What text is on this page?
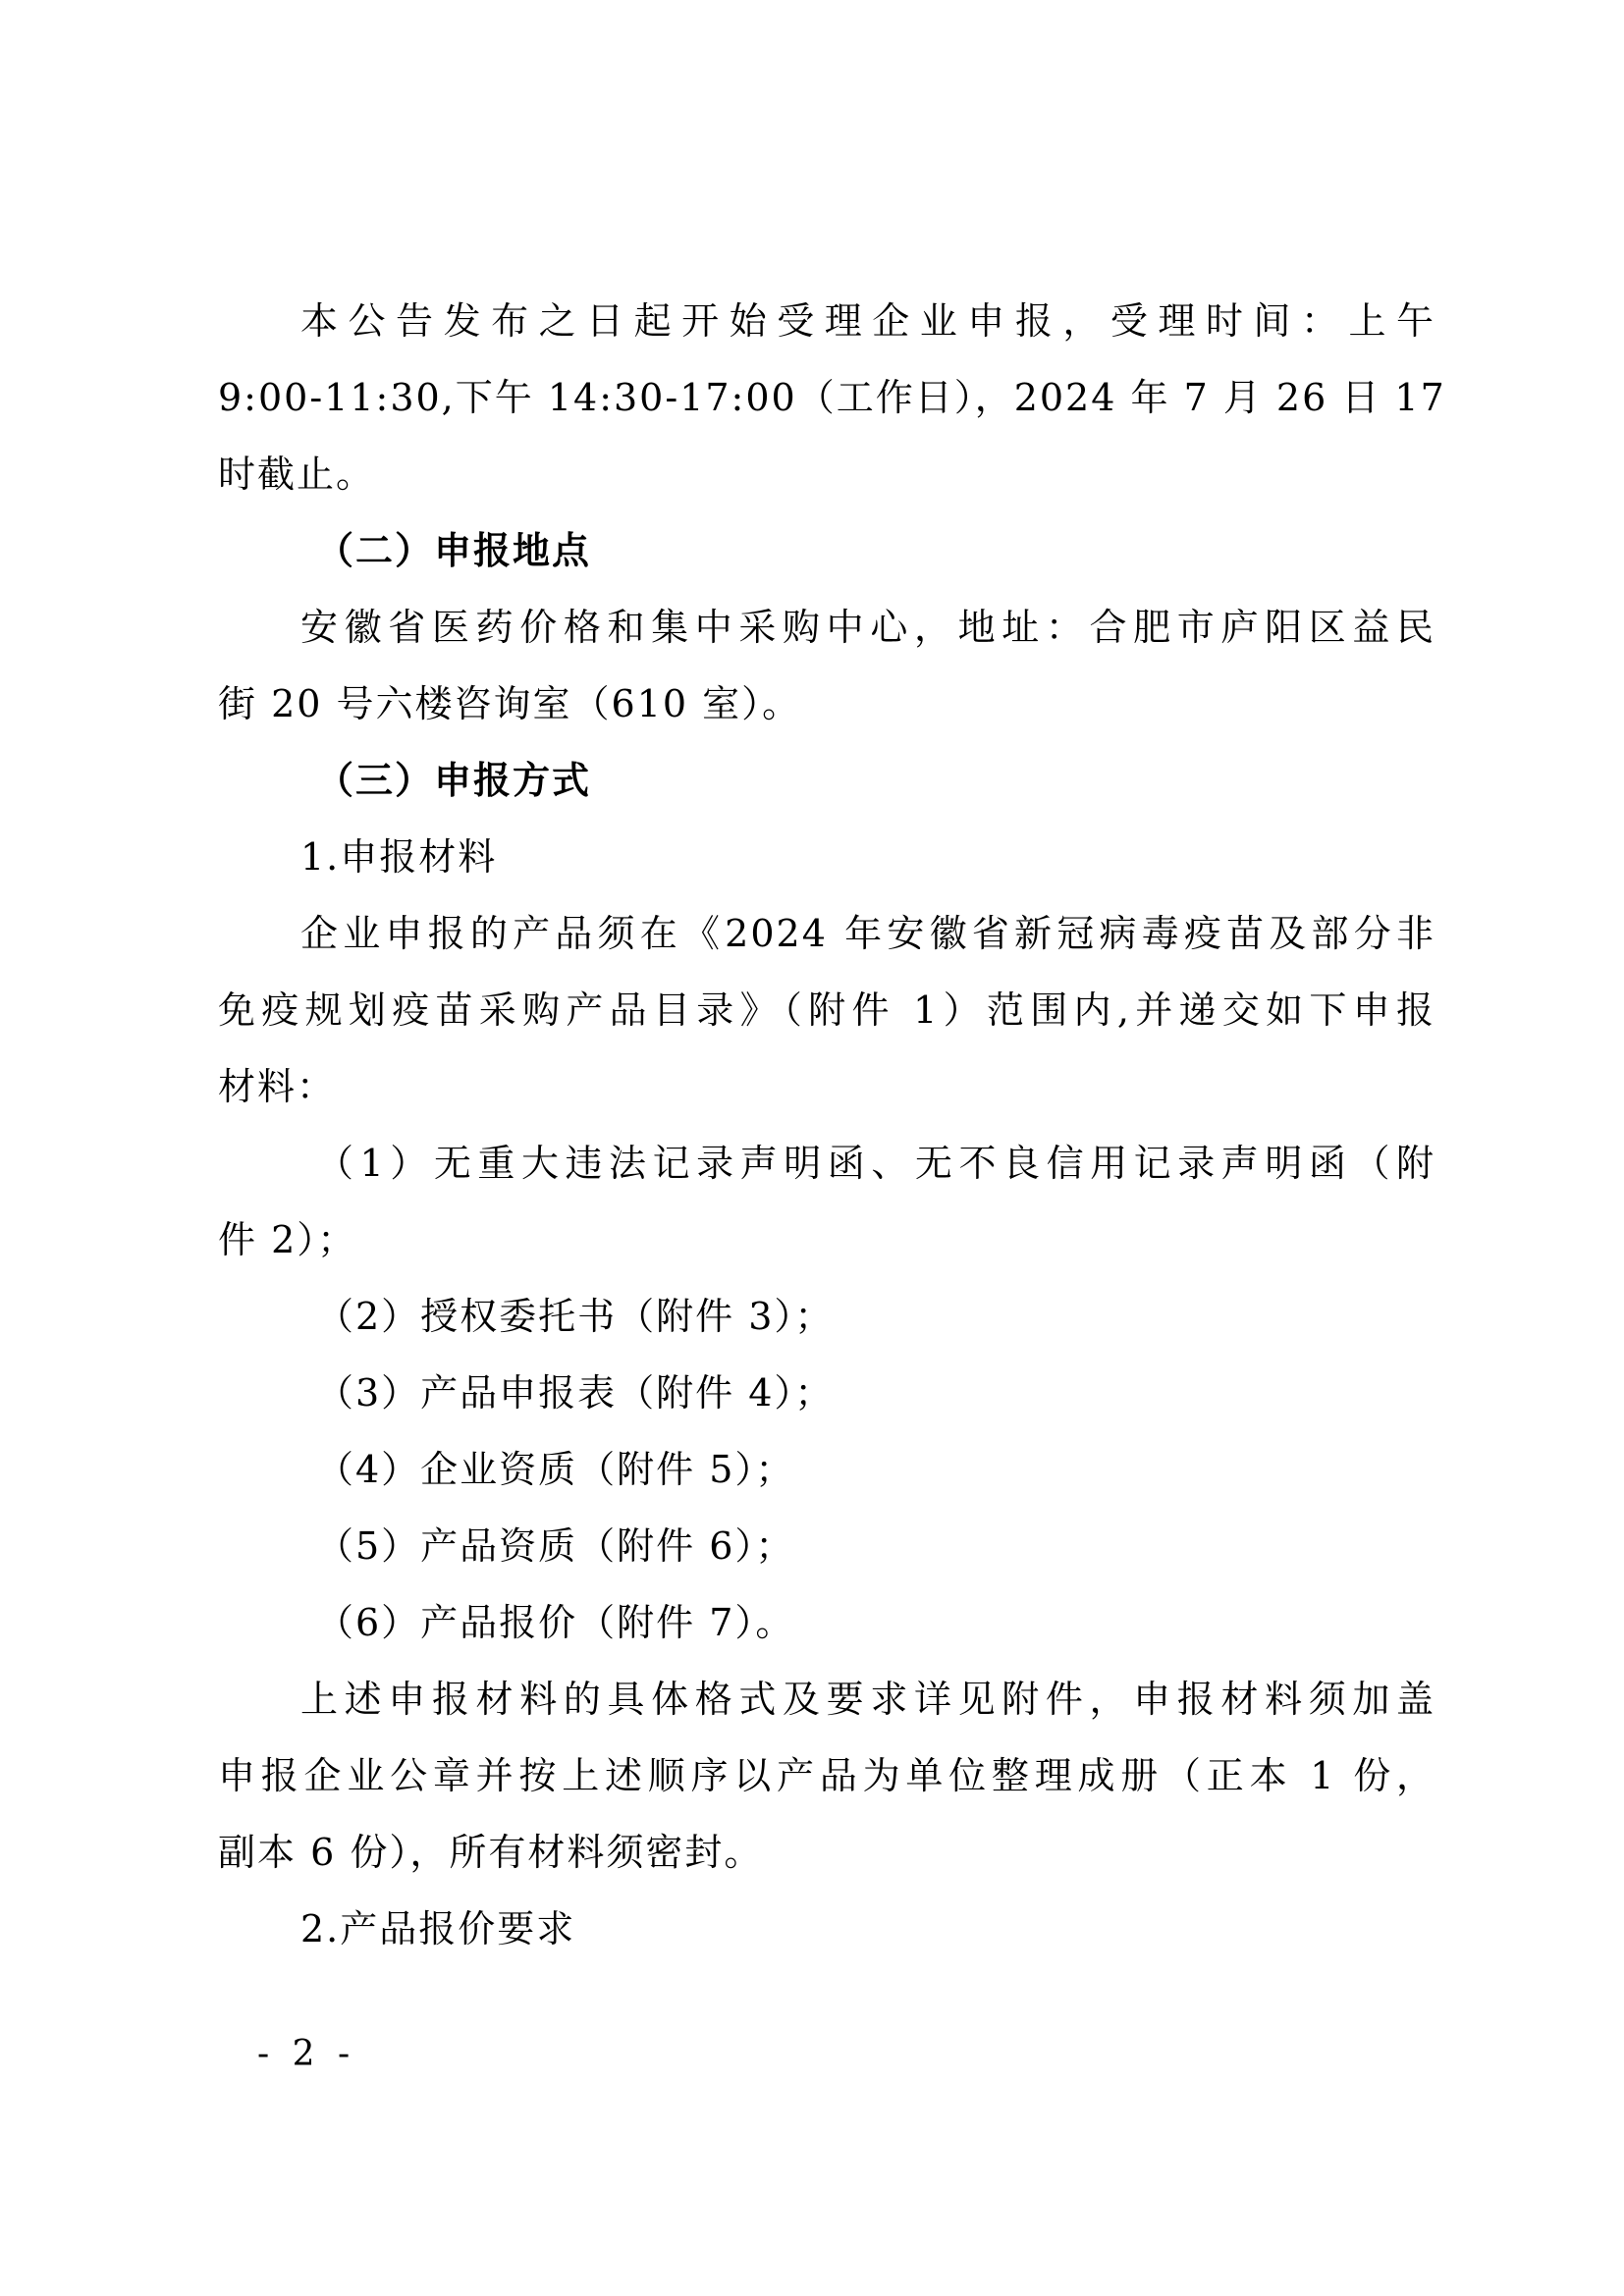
本公告发布之日起开始受理企业申报，受理时间：上午
9:00-11:30,下午 14:30-17:00（工作日），2024 年 7 月 26 日 17
时截止。
（二）申报地点
安徽省医药价格和集中采购中心，地址：合肥市庐阳区益民
街 20 号六楼咨询室（610 室）。
（三）申报方式
1.申报材料
企业申报的产品须在《2024 年安徽省新冠病毒疫苗及部分非
免疫规划疫苗采购产品目录》（附件 1）范围内,并递交如下申报
材料：
（1）无重大违法记录声明函、无不良信用记录声明函（附
件 2）；
（2）授权委托书（附件 3）；
（3）产品申报表（附件 4）；
（4）企业资质（附件 5）；
（5）产品资质（附件 6）；
（6）产品报价（附件 7）。
上述申报材料的具体格式及要求详见附件，申报材料须加盖
申报企业公章并按上述顺序以产品为单位整理成册（正本 1 份，
副本 6 份），所有材料须密封。
2.产品报价要求
- 2 -
